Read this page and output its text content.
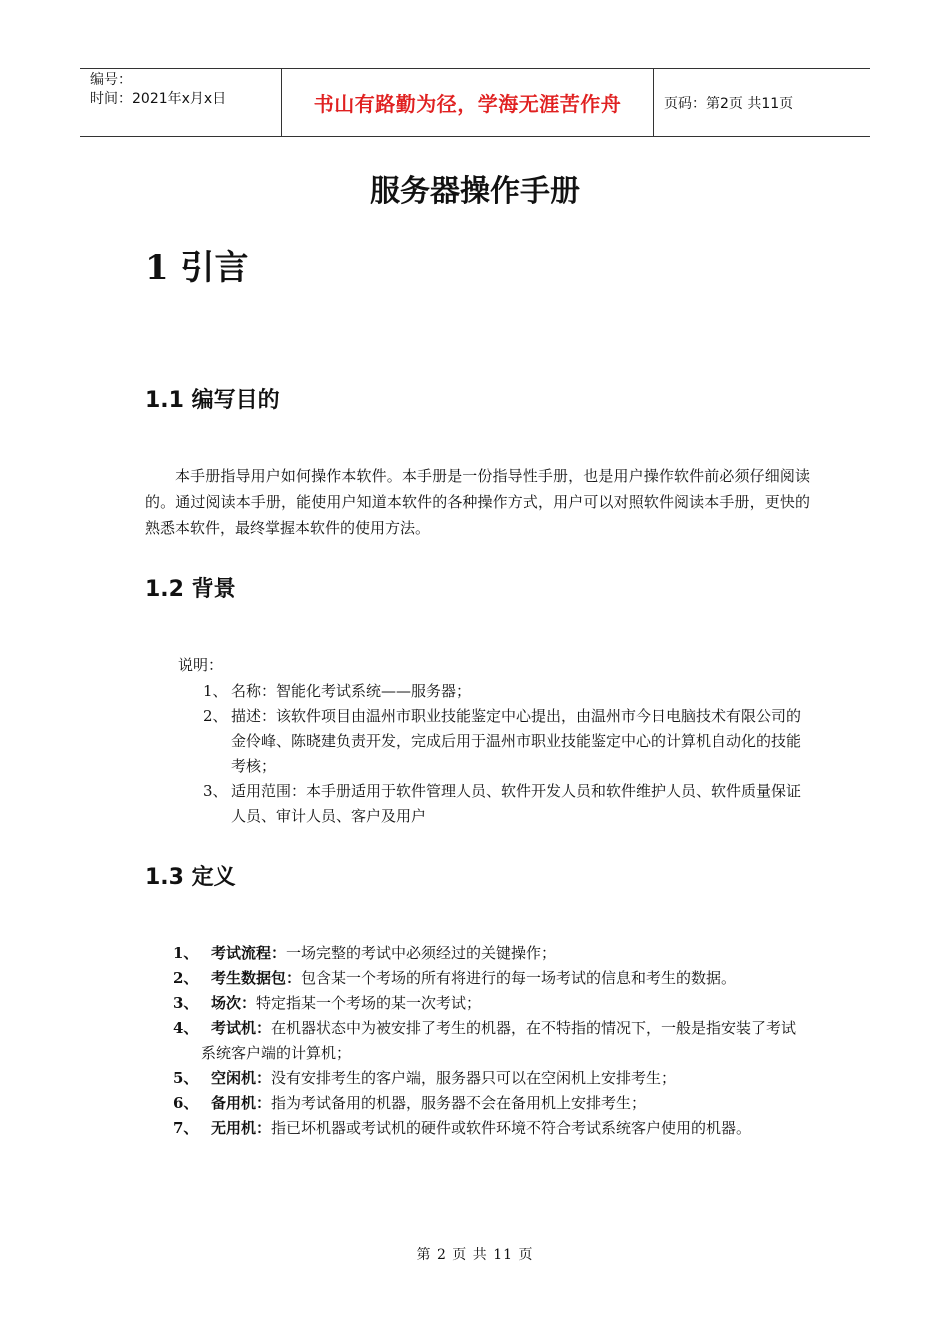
编号：
时间：2021年x月x日	书山有路勤为径，学海无涯苦作舟	页码：第2页 共11页
服务器操作手册
1 引言
1.1 编写目的
本手册指导用户如何操作本软件。本手册是一份指导性手册，也是用户操作软件前必须仔细阅读的。通过阅读本手册，能使用户知道本软件的各种操作方式，用户可以对照软件阅读本手册，更快的熟悉本软件，最终掌握本软件的使用方法。
1.2 背景
说明：
1、 名称：智能化考试系统——服务器；
2、 描述：该软件项目由温州市职业技能鉴定中心提出，由温州市今日电脑技术有限公司的金伶峰、陈晓建负责开发，完成后用于温州市职业技能鉴定中心的计算机自动化的技能考核；
3、 适用范围：本手册适用于软件管理人员、软件开发人员和软件维护人员、软件质量保证人员、审计人员、客户及用户
1.3 定义
1、 考试流程：一场完整的考试中必须经过的关键操作；
2、 考生数据包：包含某一个考场的所有将进行的每一场考试的信息和考生的数据。
3、 场次：特定指某一个考场的某一次考试；
4、 考试机：在机器状态中为被安排了考生的机器，在不特指的情况下，一般是指安装了考试系统客户端的计算机；
5、 空闲机：没有安排考生的客户端，服务器只可以在空闲机上安排考生；
6、 备用机：指为考试备用的机器，服务器不会在备用机上安排考生；
7、 无用机：指已坏机器或考试机的硬件或软件环境不符合考试系统客户使用的机器。
第 2 页 共 11 页
